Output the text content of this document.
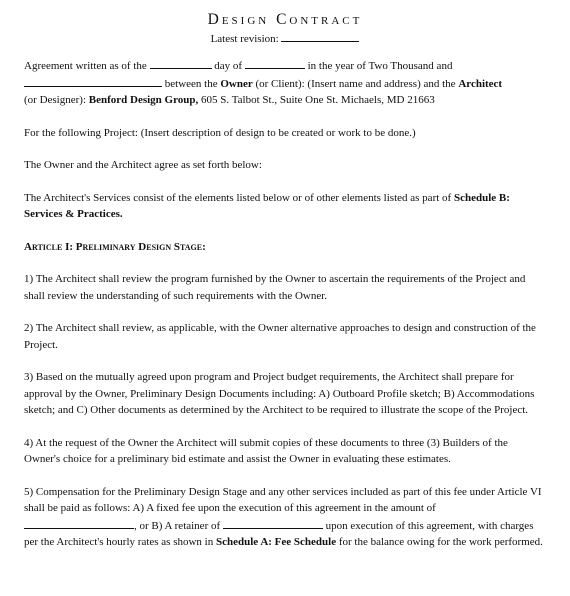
Design Contract
Latest revision:

Agreement written as of the	day of	in the year of Two Thousand and
between the Owner (or Client): (Insert name and address) and the Architect
(or Designer): Benford Design Group, 605 S. Talbot St., Suite One St. Michaels, MD 21663

For the following Project: (Insert description of design to be created or work to be done.)

The Owner and the Architect agree as set forth below:

The Architect's Services consist of the elements listed below or of other elements listed as part of Schedule B: Services & Practices.

Article I: Preliminary Design Stage:

1) The Architect shall review the program furnished by the Owner to ascertain the requirements of the Project and shall review the understanding of such requirements with the Owner.

2) The Architect shall review, as applicable, with the Owner alternative approaches to design and construction of the Project.

3) Based on the mutually agreed upon program and Project budget requirements, the Architect shall prepare for approval by the Owner, Preliminary Design Documents including: A) Outboard Profile sketch; B) Accommodations sketch; and C) Other documents as determined by the Architect to be required to illustrate the scope of the Project.

4) At the request of the Owner the Architect will submit copies of these documents to three (3) Builders of the Owner's choice for a preliminary bid estimate and assist the Owner in evaluating these estimates.

5) Compensation for the Preliminary Design Stage and any other services included as part of this fee under Article VI shall be paid as follows: A) A fixed fee upon the execution of this agreement in the amount of
, or B) A retainer of	upon execution of this agreement, with charges per the Architect's hourly rates as shown in Schedule A: Fee Schedule for the balance owing for the work performed.
